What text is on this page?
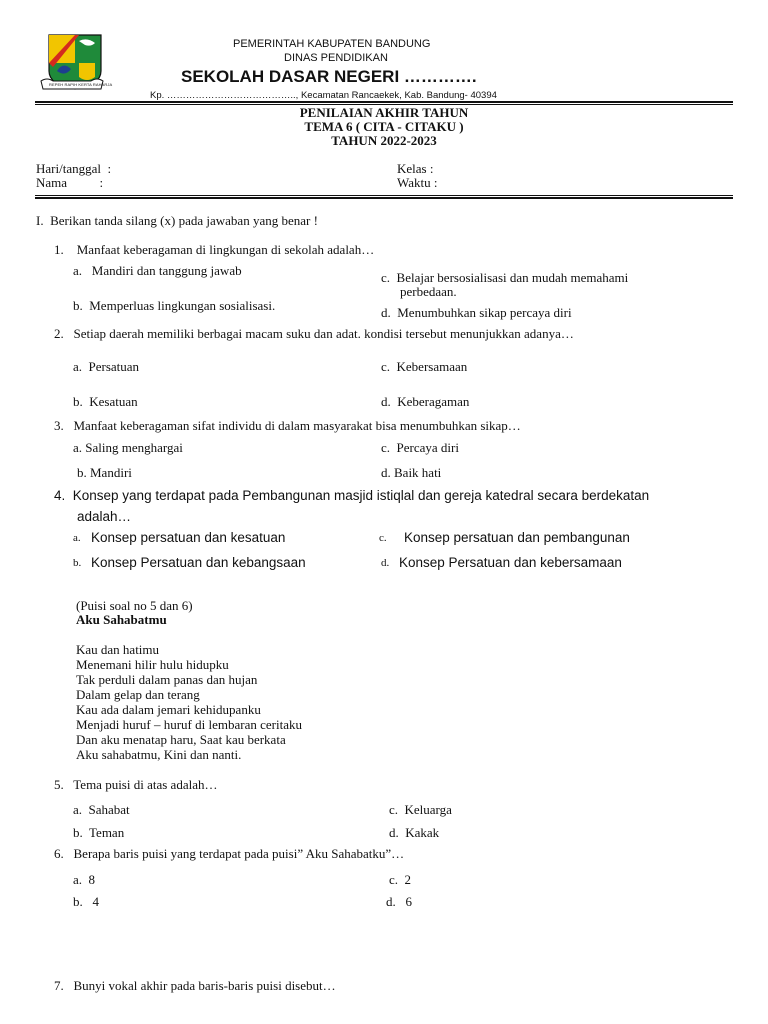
REPEH RAPIH KERTA RAHARJA
PEMERINTAH KABUPATEN BANDUNG
DINAS PENDIDIKAN
SEKOLAH DASAR NEGERI ………….
Kp. ………………………………….., Kecamatan Rancaekek, Kab. Bandung- 40394
PENILAIAN AKHIR TAHUN
TEMA 6 ( CITA - CITAKU )
TAHUN 2022-2023
Hari/tanggal  :
Nama          :
Kelas :
Waktu :
I.  Berikan tanda silang (x) pada jawaban yang benar !
1.    Manfaat keberagaman di lingkungan di sekolah adalah…
a.   Mandiri dan tanggung jawab
b.  Memperluas lingkungan sosialisasi.
c.  Belajar bersosialisasi dan mudah memahami
perbedaan.
d.  Menumbuhkan sikap percaya diri
2.   Setiap daerah memiliki berbagai macam suku dan adat. kondisi tersebut menunjukkan adanya…
a.  Persatuan
b.  Kesatuan
c.  Kebersamaan
d.  Keberagaman
3.   Manfaat keberagaman sifat individu di dalam masyarakat bisa menumbuhkan sikap…
a. Saling menghargai
b. Mandiri
c.  Percaya diri
d. Baik hati
4.  Konsep yang terdapat pada Pembangunan masjid istiqlal dan gereja katedral secara berdekatan
adalah…
a. Konsep persatuan dan kesatuan
b. Konsep Persatuan dan kebangsaan
c. Konsep persatuan dan pembangunan
d. Konsep Persatuan dan kebersamaan
(Puisi soal no 5 dan 6)
Aku Sahabatmu
Kau dan hatimu
Menemani hilir hulu hidupku
Tak perduli dalam panas dan hujan
Dalam gelap dan terang
Kau ada dalam jemari kehidupanku
Menjadi huruf – huruf di lembaran ceritaku
Dan aku menatap haru, Saat kau berkata
Aku sahabatmu, Kini dan nanti.
5.   Tema puisi di atas adalah…
a.  Sahabat
b.  Teman
c.  Keluarga
d.  Kakak
6.   Berapa baris puisi yang terdapat pada puisi” Aku Sahabatku”…
a.  8
b.   4
c.  2
d.   6
7.   Bunyi vokal akhir pada baris-baris puisi disebut…
